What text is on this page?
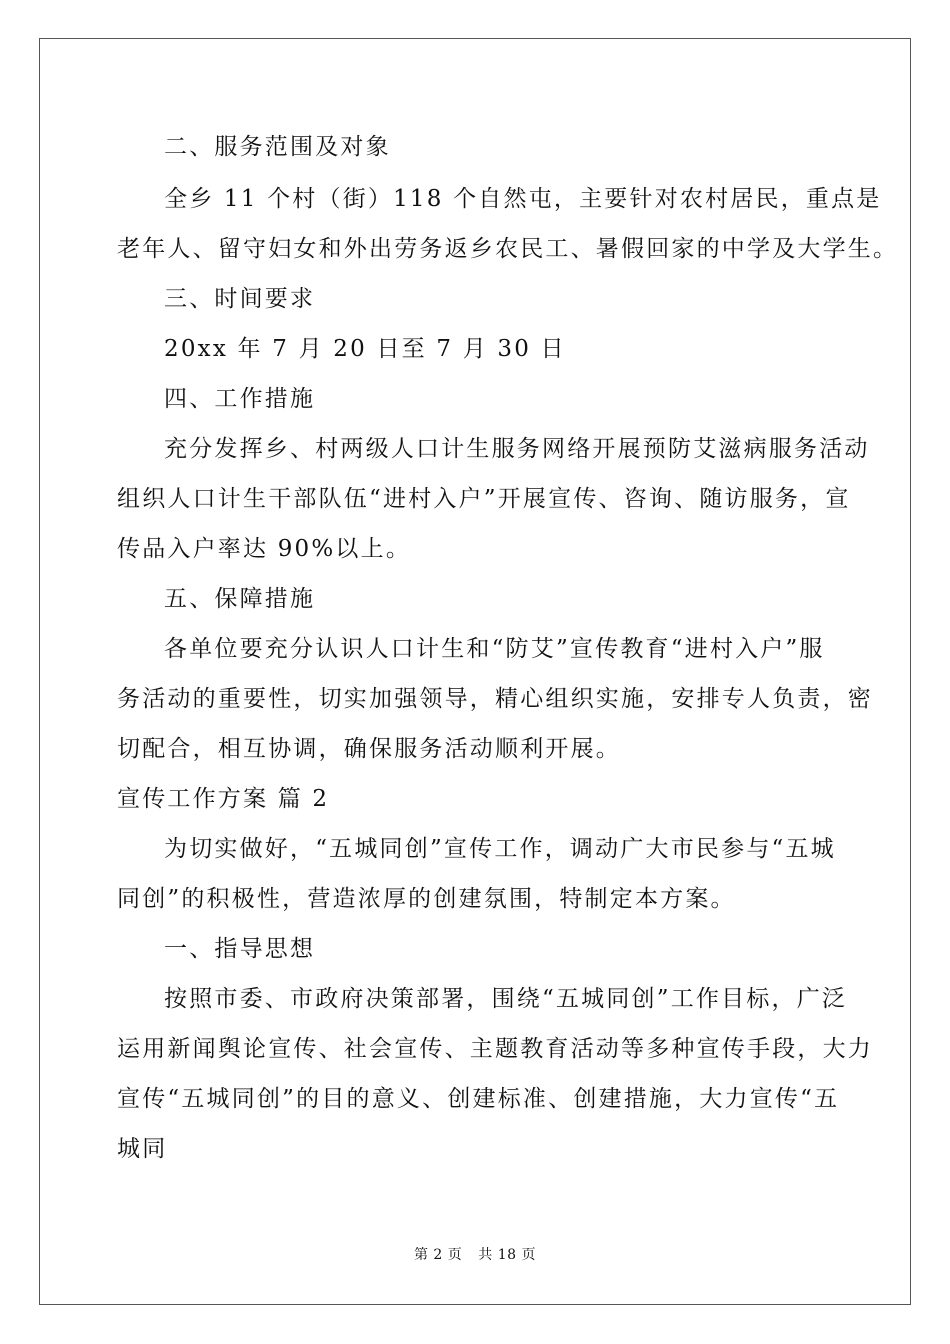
二、服务范围及对象
全乡 11 个村（街）118 个自然屯，主要针对农村居民，重点是
老年人、留守妇女和外出劳务返乡农民工、暑假回家的中学及大学生。
三、时间要求
20xx 年 7 月 20 日至 7 月 30 日
四、工作措施
充分发挥乡、村两级人口计生服务网络开展预防艾滋病服务活动
组织人口计生干部队伍“进村入户”开展宣传、咨询、随访服务，宣
传品入户率达 90%以上。
五、保障措施
各单位要充分认识人口计生和“防艾”宣传教育“进村入户”服
务活动的重要性，切实加强领导，精心组织实施，安排专人负责，密
切配合，相互协调，确保服务活动顺利开展。
宣传工作方案 篇 2
为切实做好，“五城同创”宣传工作，调动广大市民参与“五城
同创”的积极性，营造浓厚的创建氛围，特制定本方案。
一、指导思想
按照市委、市政府决策部署，围绕“五城同创”工作目标，广泛
运用新闻舆论宣传、社会宣传、主题教育活动等多种宣传手段，大力
宣传“五城同创”的目的意义、创建标准、创建措施，大力宣传“五
城同
第 2 页 共 18 页
